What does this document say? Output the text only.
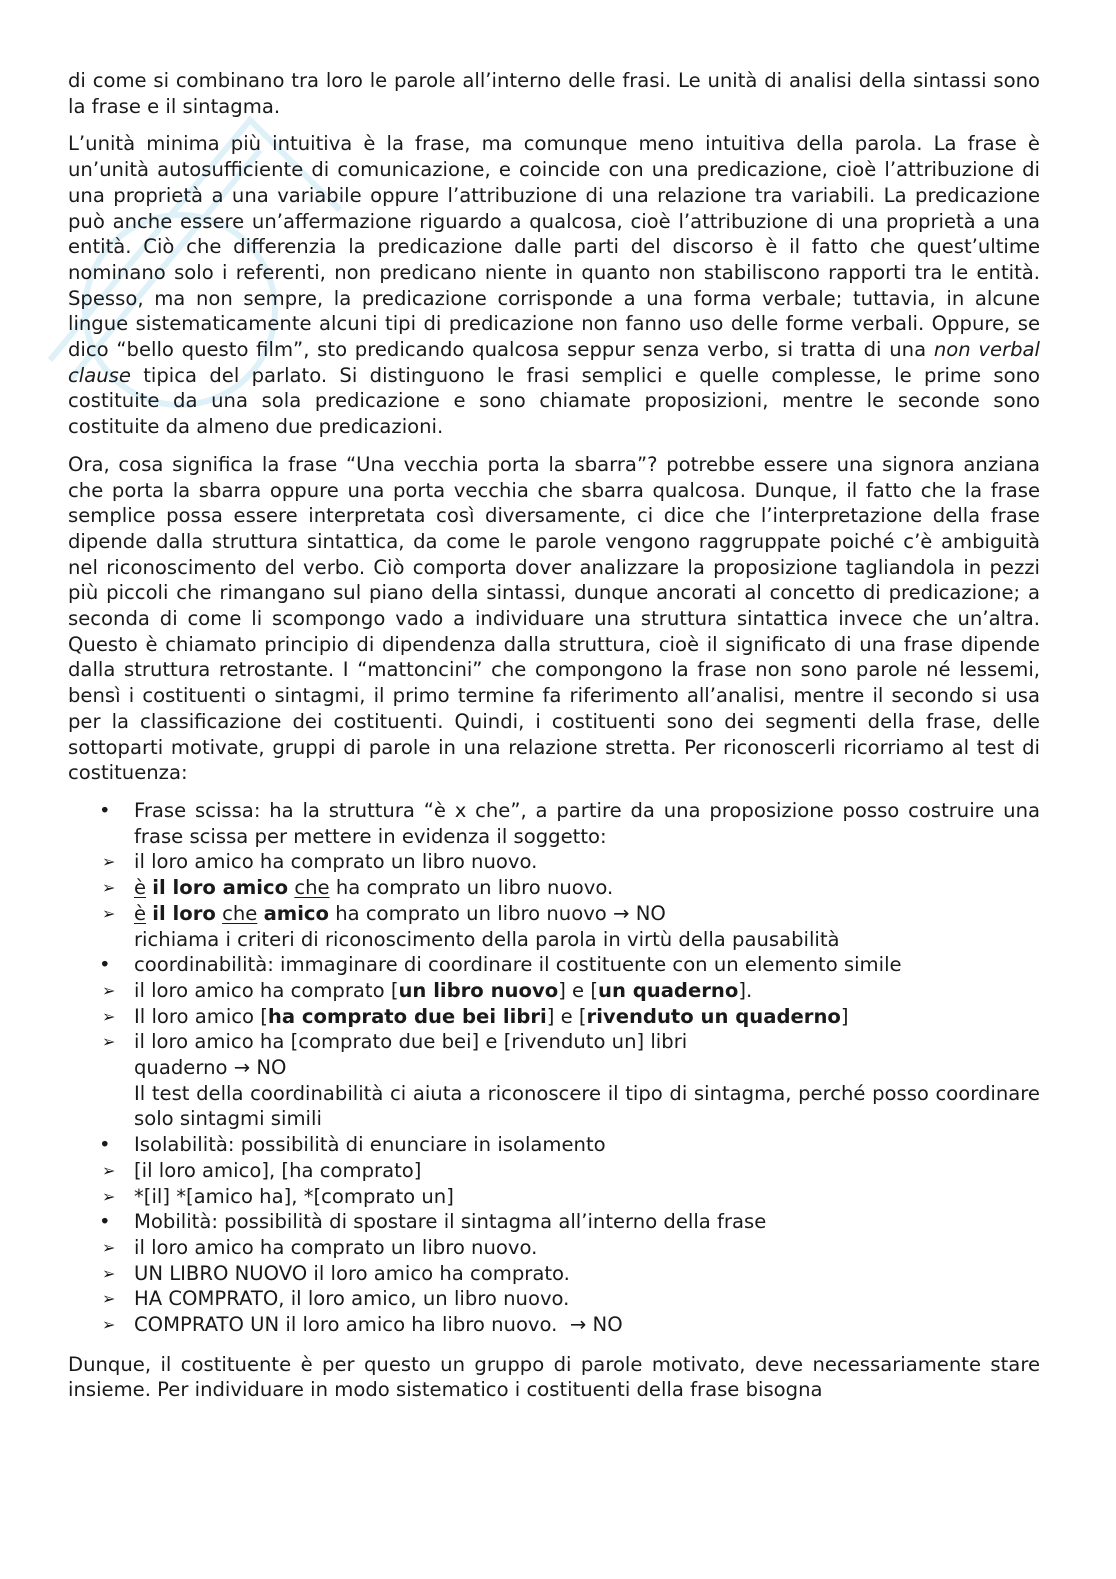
di come si combinano tra loro le parole all’interno delle frasi. Le unità di analisi della sintassi sono la frase e il sintagma.

L’unità minima più intuitiva è la frase, ma comunque meno intuitiva della parola. La frase è un’unità autosufficiente di comunicazione, e coincide con una predicazione, cioè l’attribuzione di una proprietà a una variabile oppure l’attribuzione di una relazione tra variabili. La predicazione può anche essere un’affermazione riguardo a qualcosa, cioè l’attribuzione di una proprietà a una entità. Ciò che differenzia la predicazione dalle parti del discorso è il fatto che quest’ultime nominano solo i referenti, non predicano niente in quanto non stabiliscono rapporti tra le entità. Spesso, ma non sempre, la predicazione corrisponde a una forma verbale; tuttavia, in alcune lingue sistematicamente alcuni tipi di predicazione non fanno uso delle forme verbali. Oppure, se dico “bello questo film”, sto predicando qualcosa seppur senza verbo, si tratta di una non verbal clause tipica del parlato. Si distinguono le frasi semplici e quelle complesse, le prime sono costituite da una sola predicazione e sono chiamate proposizioni, mentre le seconde sono costituite da almeno due predicazioni.

Ora, cosa significa la frase “Una vecchia porta la sbarra”? potrebbe essere una signora anziana che porta la sbarra oppure una porta vecchia che sbarra qualcosa. Dunque, il fatto che la frase semplice possa essere interpretata così diversamente, ci dice che l’interpretazione della frase dipende dalla struttura sintattica, da come le parole vengono raggruppate poiché c’è ambiguità nel riconoscimento del verbo. Ciò comporta dover analizzare la proposizione tagliandola in pezzi più piccoli che rimangano sul piano della sintassi, dunque ancorati al concetto di predicazione; a seconda di come li scompongo vado a individuare una struttura sintattica invece che un’altra. Questo è chiamato principio di dipendenza dalla struttura, cioè il significato di una frase dipende dalla struttura retrostante. I “mattoncini” che compongono la frase non sono parole né lessemi, bensì i costituenti o sintagmi, il primo termine fa riferimento all’analisi, mentre il secondo si usa per la classificazione dei costituenti. Quindi, i costituenti sono dei segmenti della frase, delle sottoparti motivate, gruppi di parole in una relazione stretta. Per riconoscerli ricorriamo al test di costituenza:

• Frase scissa: ha la struttura “è x che”, a partire da una proposizione posso costruire una frase scissa per mettere in evidenza il soggetto:
➢ il loro amico ha comprato un libro nuovo.
➢ è il loro amico che ha comprato un libro nuovo.
➢ è il loro che amico ha comprato un libro nuovo → NO
richiama i criteri di riconoscimento della parola in virtù della pausabilità
• coordinabilità: immaginare di coordinare il costituente con un elemento simile
➢ il loro amico ha comprato [un libro nuovo] e [un quaderno].
➢ Il loro amico [ha comprato due bei libri] e [rivenduto un quaderno]
➢ il loro amico ha [comprato due bei] e [rivenduto un] libri
quaderno → NO
Il test della coordinabilità ci aiuta a riconoscere il tipo di sintagma, perché posso coordinare solo sintagmi simili
• Isolabilità: possibilità di enunciare in isolamento
➢ [il loro amico], [ha comprato]
➢ *[il] *[amico ha], *[comprato un]
• Mobilità: possibilità di spostare il sintagma all’interno della frase
➢ il loro amico ha comprato un libro nuovo.
➢ UN LIBRO NUOVO il loro amico ha comprato.
➢ HA COMPRATO, il loro amico, un libro nuovo.
➢ COMPRATO UN il loro amico ha libro nuovo. → NO

Dunque, il costituente è per questo un gruppo di parole motivato, deve necessariamente stare insieme. Per individuare in modo sistematico i costituenti della frase bisogna
